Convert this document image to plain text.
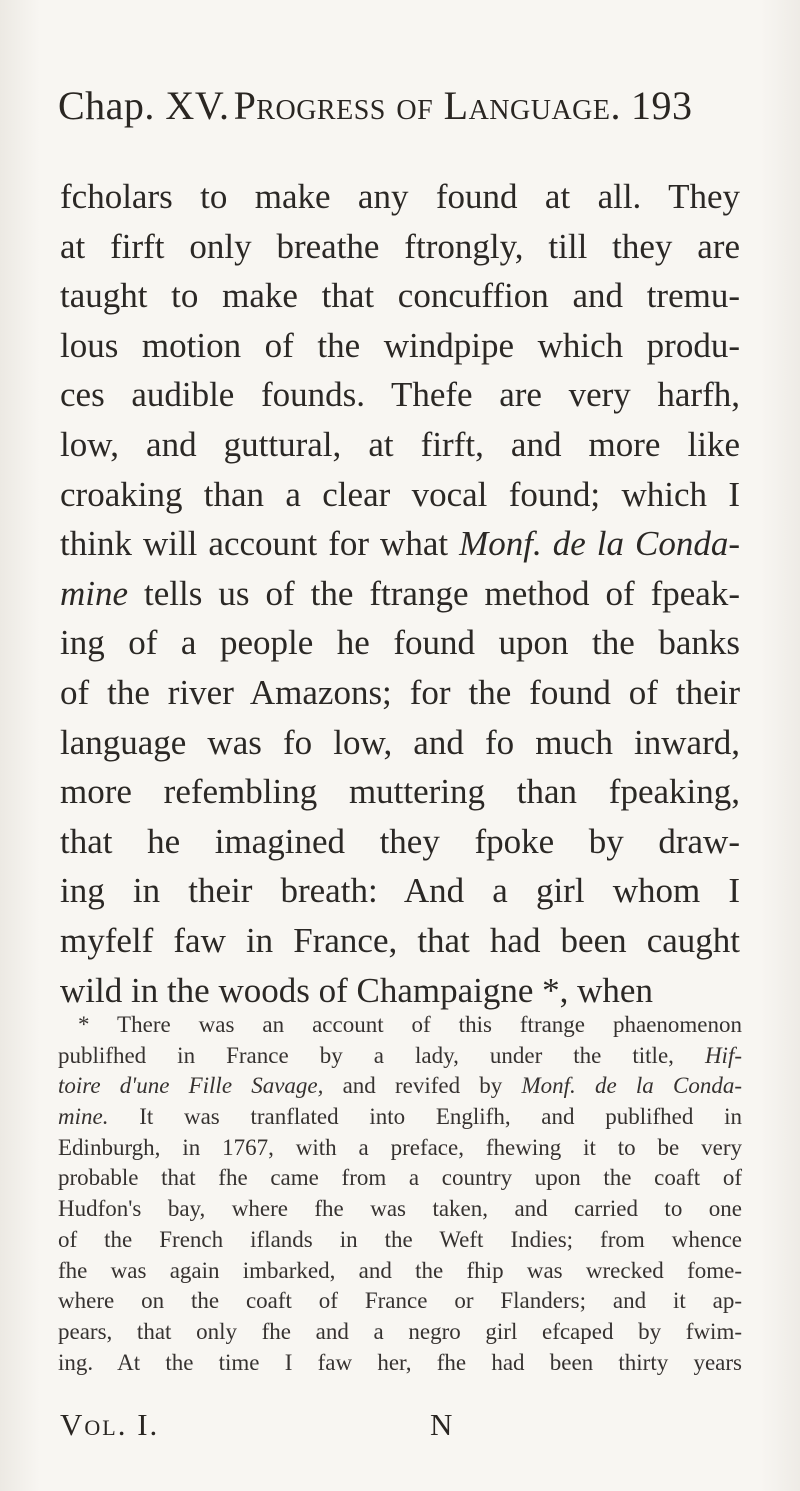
Chap. XV. Progress of Language. 193
fcholars to make any found at all. They
at firft only breathe ftrongly, till they are
taught to make that concuffion and tremu-
lous motion of the windpipe which produ-
ces audible founds. Thefe are very harfh,
low, and guttural, at firft, and more like
croaking than a clear vocal found; which I
think will account for what Monf. de la Conda-
mine tells us of the ftrange method of fpeak-
ing of a people he found upon the banks
of the river Amazons; for the found of their
language was fo low, and fo much inward,
more refembling muttering than fpeaking,
that he imagined they fpoke by draw-
ing in their breath: And a girl whom I
myfelf faw in France, that had been caught
wild in the woods of Champaigne *, when
* There was an account of this ftrange phaenomenon
publifhed in France by a lady, under the title, Hif-
toire d'une Fille Savage, and revifed by Monf. de la Conda-
mine. It was tranflated into Englifh, and publifhed in
Edinburgh, in 1767, with a preface, fhewing it to be very
probable that fhe came from a country upon the coaft of
Hudfon's bay, where fhe was taken, and carried to one
of the French iflands in the Weft Indies; from whence
fhe was again imbarked, and the fhip was wrecked fome-
where on the coaft of France or Flanders; and it ap-
pears, that only fhe and a negro girl efcaped by fwim-
ing. At the time I faw her, fhe had been thirty years
Vol. I.	N
